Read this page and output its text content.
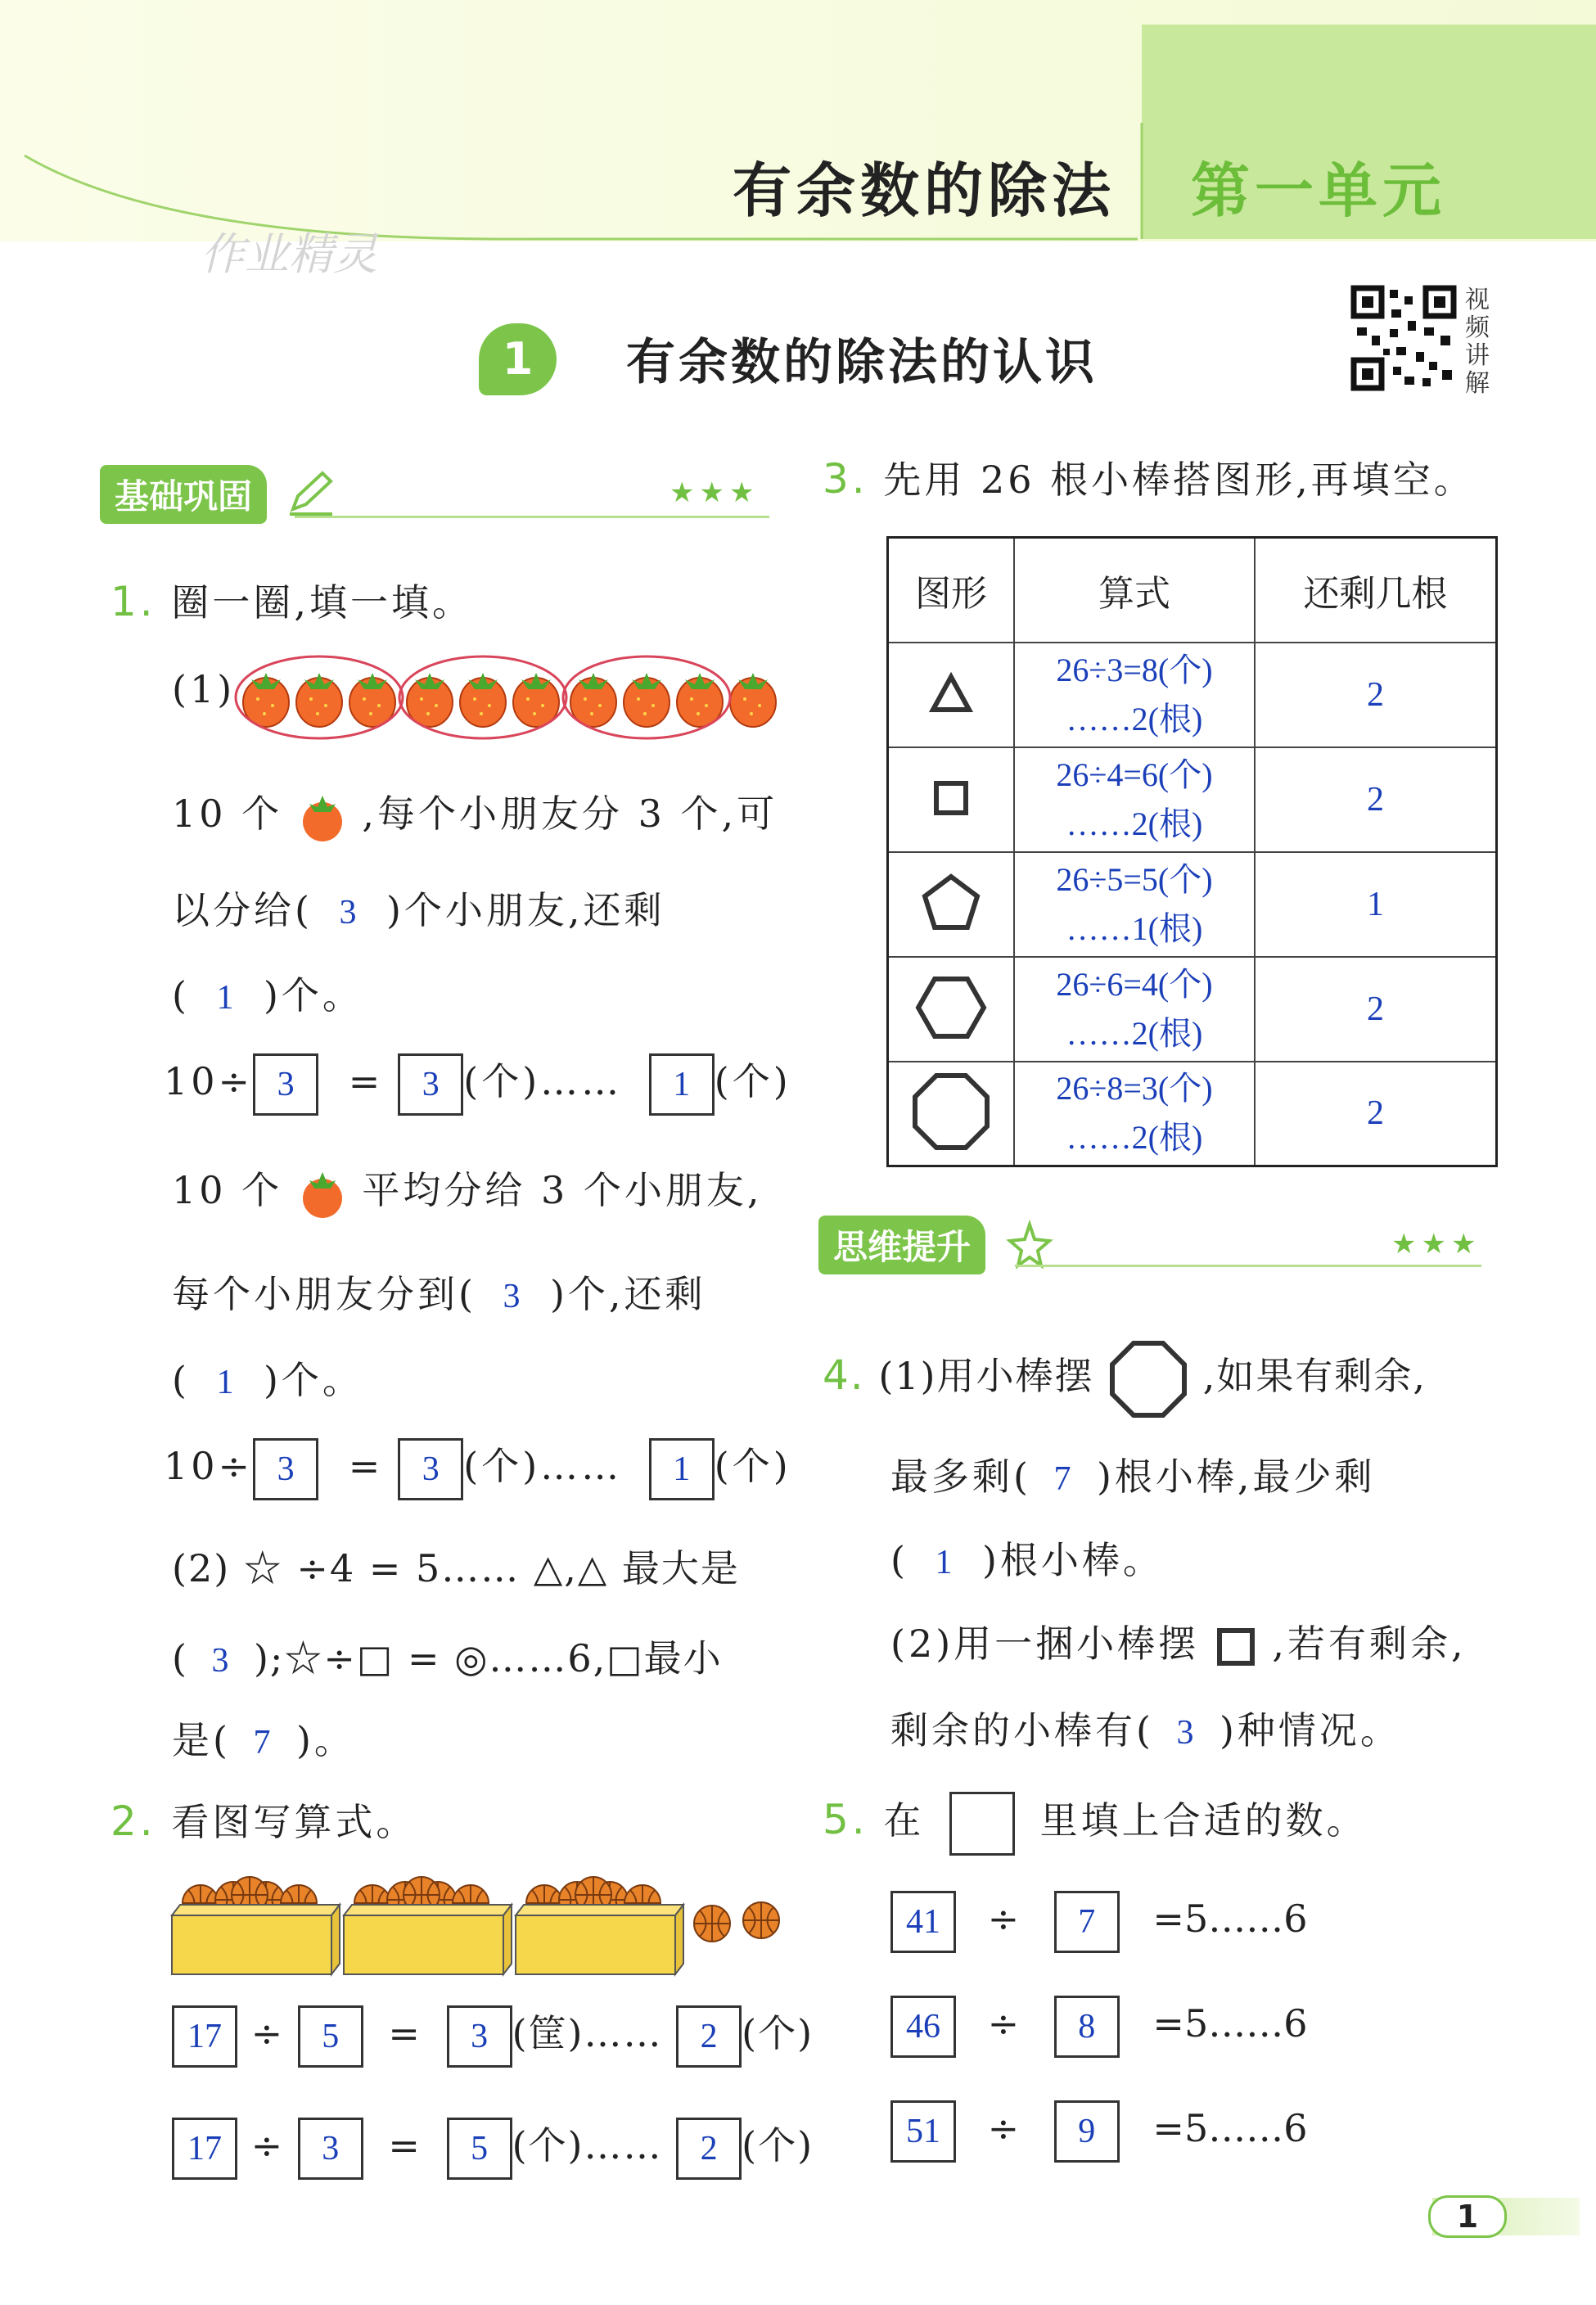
有余数的除法 第一单元
作业精灵
1	有余数的除法的认识
视
频
讲
解
基础巩固	★★★
1. 圈一圈,填一填。
(1)
10 个 ,每个小朋友分 3 个,可
以分给( 3 )个小朋友,还剩
( 1 )个。
10÷ 3 = 3 (个)…… 1 (个)
10 个 平均分给 3 个小朋友,
每个小朋友分到( 3 )个,还剩
( 1 )个。
10÷ 3 = 3 (个)…… 1 (个)
(2) ☆ ÷4 = 5…… △,△ 最大是
( 3 );☆÷□ = ◎……6,□最小
是( 7 )。
2. 看图写算式。
17 ÷ 5 = 3 (筐)…… 2 (个)
17 ÷ 3 = 5 (个)…… 2 (个)
3. 先用 26 根小棒搭图形,再填空。
图形	算式	还剩几根

26÷3=8(个)
……2(根)	2

26÷4=6(个)
……2(根)	2

26÷5=5(个)
……1(根)	1

26÷6=4(个)
……2(根)	2

26÷8=3(个)
……2(根)	2
思维提升	★★★
4. (1)用小棒摆	,如果有剩余,
最多剩( 7 )根小棒,最少剩
( 1 )根小棒。
(2)用一捆小棒摆 ,若有剩余,
剩余的小棒有( 3 )种情况。
5. 在	里填上合适的数。
41 ÷ 7 =5……6
46 ÷ 8 =5……6
51 ÷ 9 =5……6
1
